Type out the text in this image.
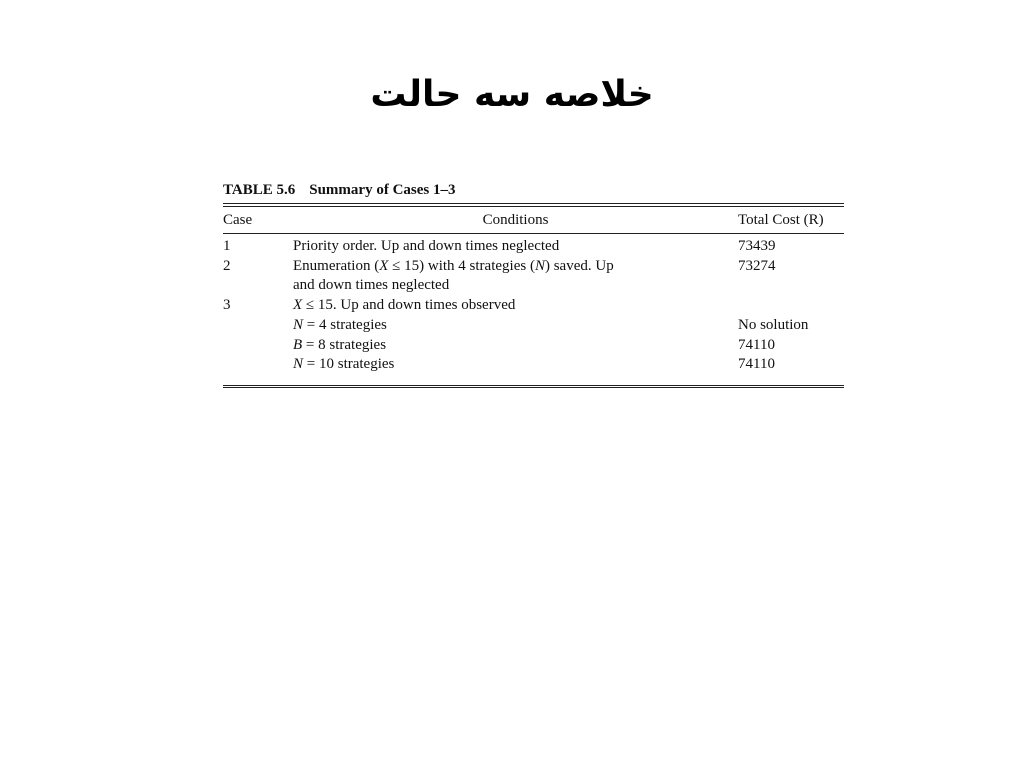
خلاصه سه حالت
TABLE 5.6 Summary of Cases 1–3
Case	Conditions	Total Cost (R)

1	Priority order. Up and down times neglected	73439
2	Enumeration (X ≤ 15) with 4 strategies (N) saved. Up	73274
	and down times neglected	
3	X ≤ 15. Up and down times observed	
	N = 4 strategies	No solution
	B = 8 strategies	74110
	N = 10 strategies	74110
